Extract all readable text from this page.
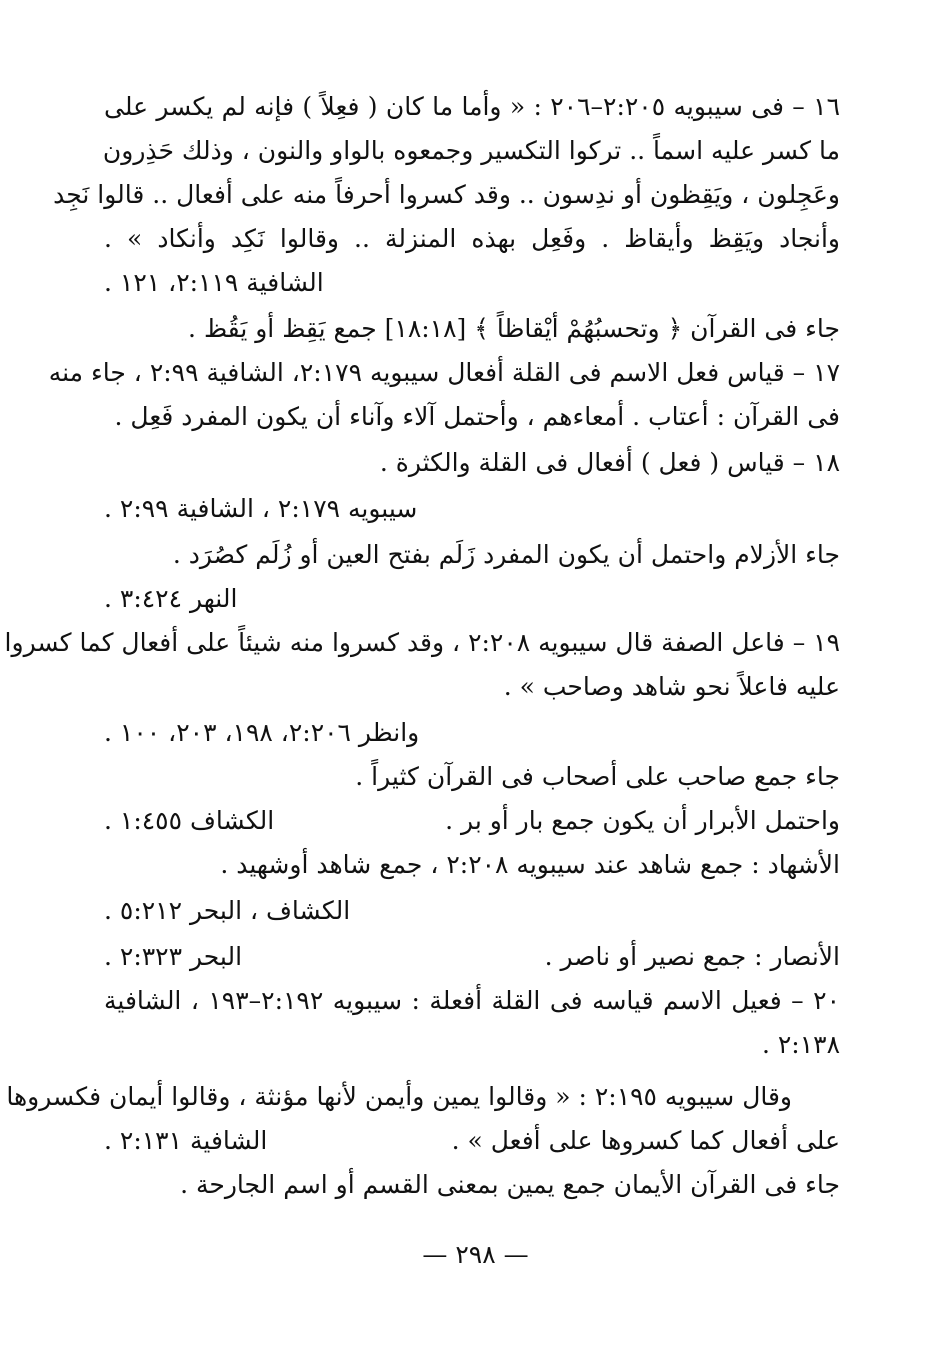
١٦ – فى سيبويه ٢:٢٠٥–٢٠٦ : « وأما ما كان ( فعِلاً ) فإنه لم يكسر على
ما كسر عليه اسماً .. تركوا التكسير وجمعوه بالواو والنون ، وذلك حَذِرون
وعَجِلون ، ويَقِظون أو ندِسون .. وقد كسروا أحرفاً منه على أفعال .. قالوا نَجِد
وأنجاد ويَقِظ وأيقاظ . وفَعِل بهذه المنزلة .. وقالوا نَكِد وأنكاد » .
الشافية ٢:١١٩، ١٢١ .
جاء فى القرآن ﴿ وتحسبُهُمْ أيْقاظاً ﴾ [١٨:١٨] جمع يَقِظ أو يَقُظ .
١٧ – قياس فعل الاسم فى القلة أفعال سيبويه ٢:١٧٩، الشافية ٢:٩٩ ، جاء منه
فى القرآن : أعتاب . أمعاءهم ، وأحتمل آلاء وآناء أن يكون المفرد فَعِل .
١٨ – قياس ( فعل ) أفعال فى القلة والكثرة .
سيبويه ٢:١٧٩ ، الشافية ٢:٩٩ .
جاء الأزلام واحتمل أن يكون المفرد زَلَم بفتح العين أو زُلَم كصُرَد .
النهر ٣:٤٢٤ .
١٩ – فاعل الصفة قال سيبويه ٢:٢٠٨ ، وقد كسروا منه شيئاً على أفعال كما كسروا
عليه فاعلاً نحو شاهد وصاحب » .
وانظر ٢:٢٠٦، ١٩٨، ٢٠٣، ١٠٠ .
جاء جمع صاحب على أصحاب فى القرآن كثيراً .
واحتمل الأبرار أن يكون جمع بار أو بر .
الكشاف ١:٤٥٥ .
الأشهاد : جمع شاهد عند سيبويه ٢:٢٠٨ ، جمع شاهد أوشهيد .
الكشاف ، البحر ٥:٢١٢ .
الأنصار : جمع نصير أو ناصر .
البحر ٢:٣٢٣ .
٢٠ – فعيل الاسم قياسه فى القلة أفعلة : سيبويه ٢:١٩٢–١٩٣ ، الشافية
٢:١٣٨ .
وقال سيبويه ٢:١٩٥ : « وقالوا يمين وأيمن لأنها مؤنثة ، وقالوا أيمان فكسروها
على أفعال كما كسروها على أفعل » .
الشافية ٢:١٣١ .
جاء فى القرآن الأيمان جمع يمين بمعنى القسم أو اسم الجارحة .
— ٢٩٨ —
